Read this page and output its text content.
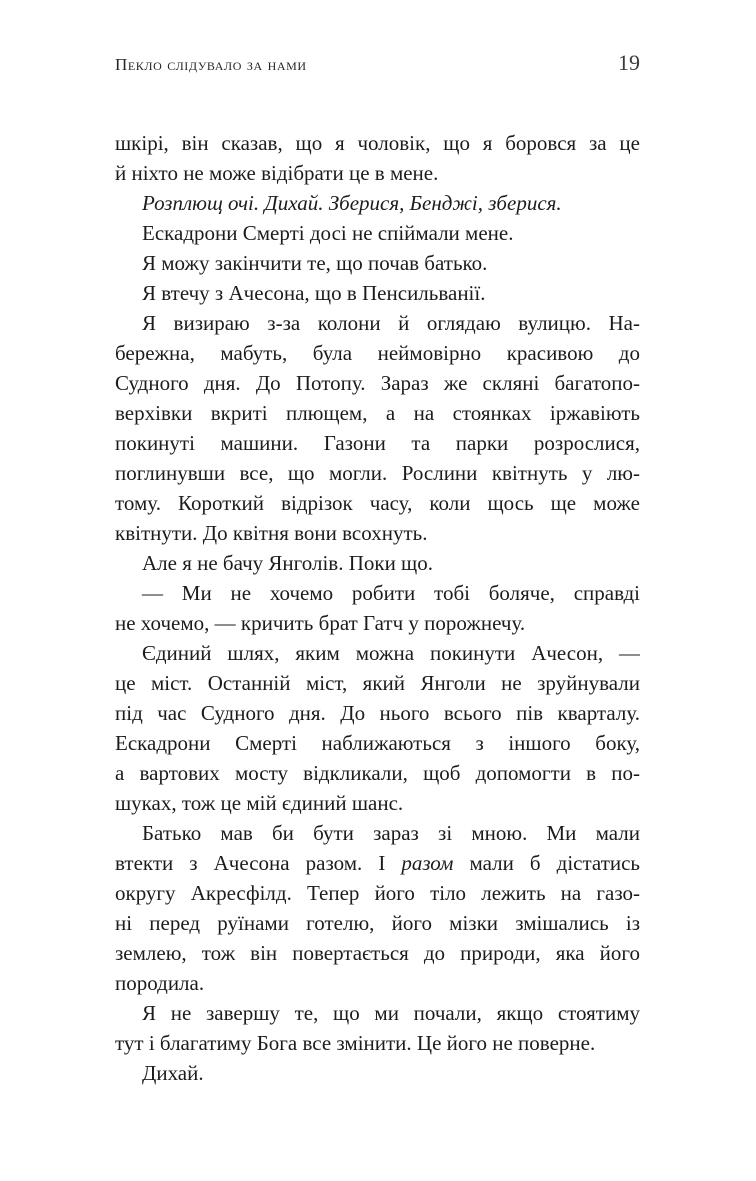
Пекло слідувало за нами	19
шкірі, він сказав, що я чоловік, що я боровся за це
й ніхто не може відібрати це в мене.
Розплющ очі. Дихай. Зберися, Бенджі, зберися.
Ескадрони Смерті досі не спіймали мене.
Я можу закінчити те, що почав батько.
Я втечу з Ачесона, що в Пенсильванії.
Я визираю з-за колони й оглядаю вулицю. На-
бережна, мабуть, була неймовірно красивою до
Судного дня. До Потопу. Зараз же скляні багатопо-
верхівки вкриті плющем, а на стоянках іржавіють
покинуті машини. Газони та парки розрослися,
поглинувши все, що могли. Рослини квітнуть у лю-
тому. Короткий відрізок часу, коли щось ще може
квітнути. До квітня вони всохнуть.
Але я не бачу Янголів. Поки що.
— Ми не хочемо робити тобі боляче, справді
не хочемо, — кричить брат Гатч у порожнечу.
Єдиний шлях, яким можна покинути Ачесон, —
це міст. Останній міст, який Янголи не зруйнували
під час Судного дня. До нього всього пів кварталу.
Ескадрони Смерті наближаються з іншого боку,
а вартових мосту відкликали, щоб допомогти в по-
шуках, тож це мій єдиний шанс.
Батько мав би бути зараз зі мною. Ми мали
втекти з Ачесона разом. І разом мали б дістатись
округу Акресфілд. Тепер його тіло лежить на газо-
ні перед руїнами готелю, його мізки змішались із
землею, тож він повертається до природи, яка його
породила.
Я не завершу те, що ми почали, якщо стоятиму
тут і благатиму Бога все змінити. Це його не поверне.
Дихай.
